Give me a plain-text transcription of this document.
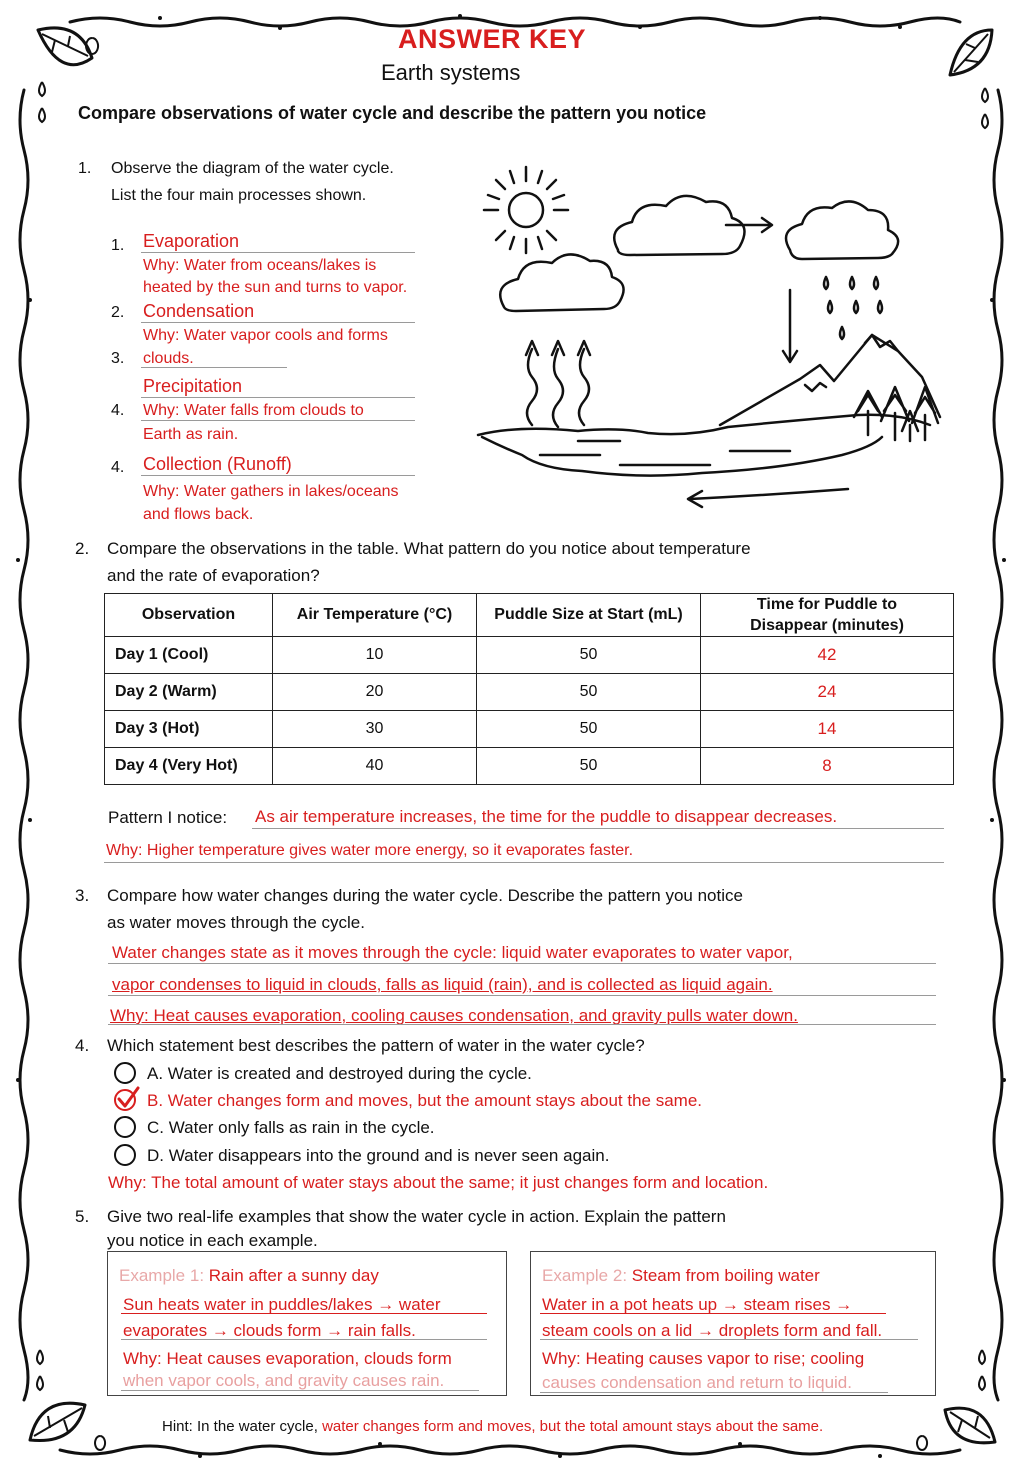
ANSWER KEY
Earth systems
Compare observations of water cycle and describe the pattern you notice
1. Observe the diagram of the water cycle.
List the four main processes shown.
1. Evaporation
Why: Water from oceans/lakes is
heated by the sun and turns to vapor.
2. Condensation
Why: Water vapor cools and forms
3. clouds.
Precipitation
4. Why: Water falls from clouds to
Earth as rain.
4. Collection (Runoff)
Why: Water gathers in lakes/oceans
and flows back.
2. Compare the observations in the table. What pattern do you notice about temperature
and the rate of evaporation?
Observation	Air Temperature (°C)	Puddle Size at Start (mL)	Time for Puddle to
Disappear (minutes)
Day 1 (Cool)	10	50	42
Day 2 (Warm)	20	50	24
Day 3 (Hot)	30	50	14
Day 4 (Very Hot)	40	50	8
Pattern I notice: As air temperature increases, the time for the puddle to disappear decreases.
Why: Higher temperature gives water more energy, so it evaporates faster.
3. Compare how water changes during the water cycle. Describe the pattern you notice
as water moves through the cycle.
Water changes state as it moves through the cycle: liquid water evaporates to water vapor,
vapor condenses to liquid in clouds, falls as liquid (rain), and is collected as liquid again.
Why: Heat causes evaporation, cooling causes condensation, and gravity pulls water down.
4. Which statement best describes the pattern of water in the water cycle?
A. Water is created and destroyed during the cycle.
B. Water changes form and moves, but the amount stays about the same.
C. Water only falls as rain in the cycle.
D. Water disappears into the ground and is never seen again.
Why: The total amount of water stays about the same; it just changes form and location.
5. Give two real-life examples that show the water cycle in action. Explain the pattern
you notice in each example.
Example 1: Rain after a sunny day
Sun heats water in puddles/lakes → water
evaporates → clouds form → rain falls.
Why: Heat causes evaporation, clouds form
when vapor cools, and gravity causes rain.
Example 2: Steam from boiling water
Water in a pot heats up → steam rises →
steam cools on a lid → droplets form and fall.
Why: Heating causes vapor to rise; cooling
causes condensation and return to liquid.
Hint: In the water cycle, water changes form and moves, but the total amount stays about the same.
